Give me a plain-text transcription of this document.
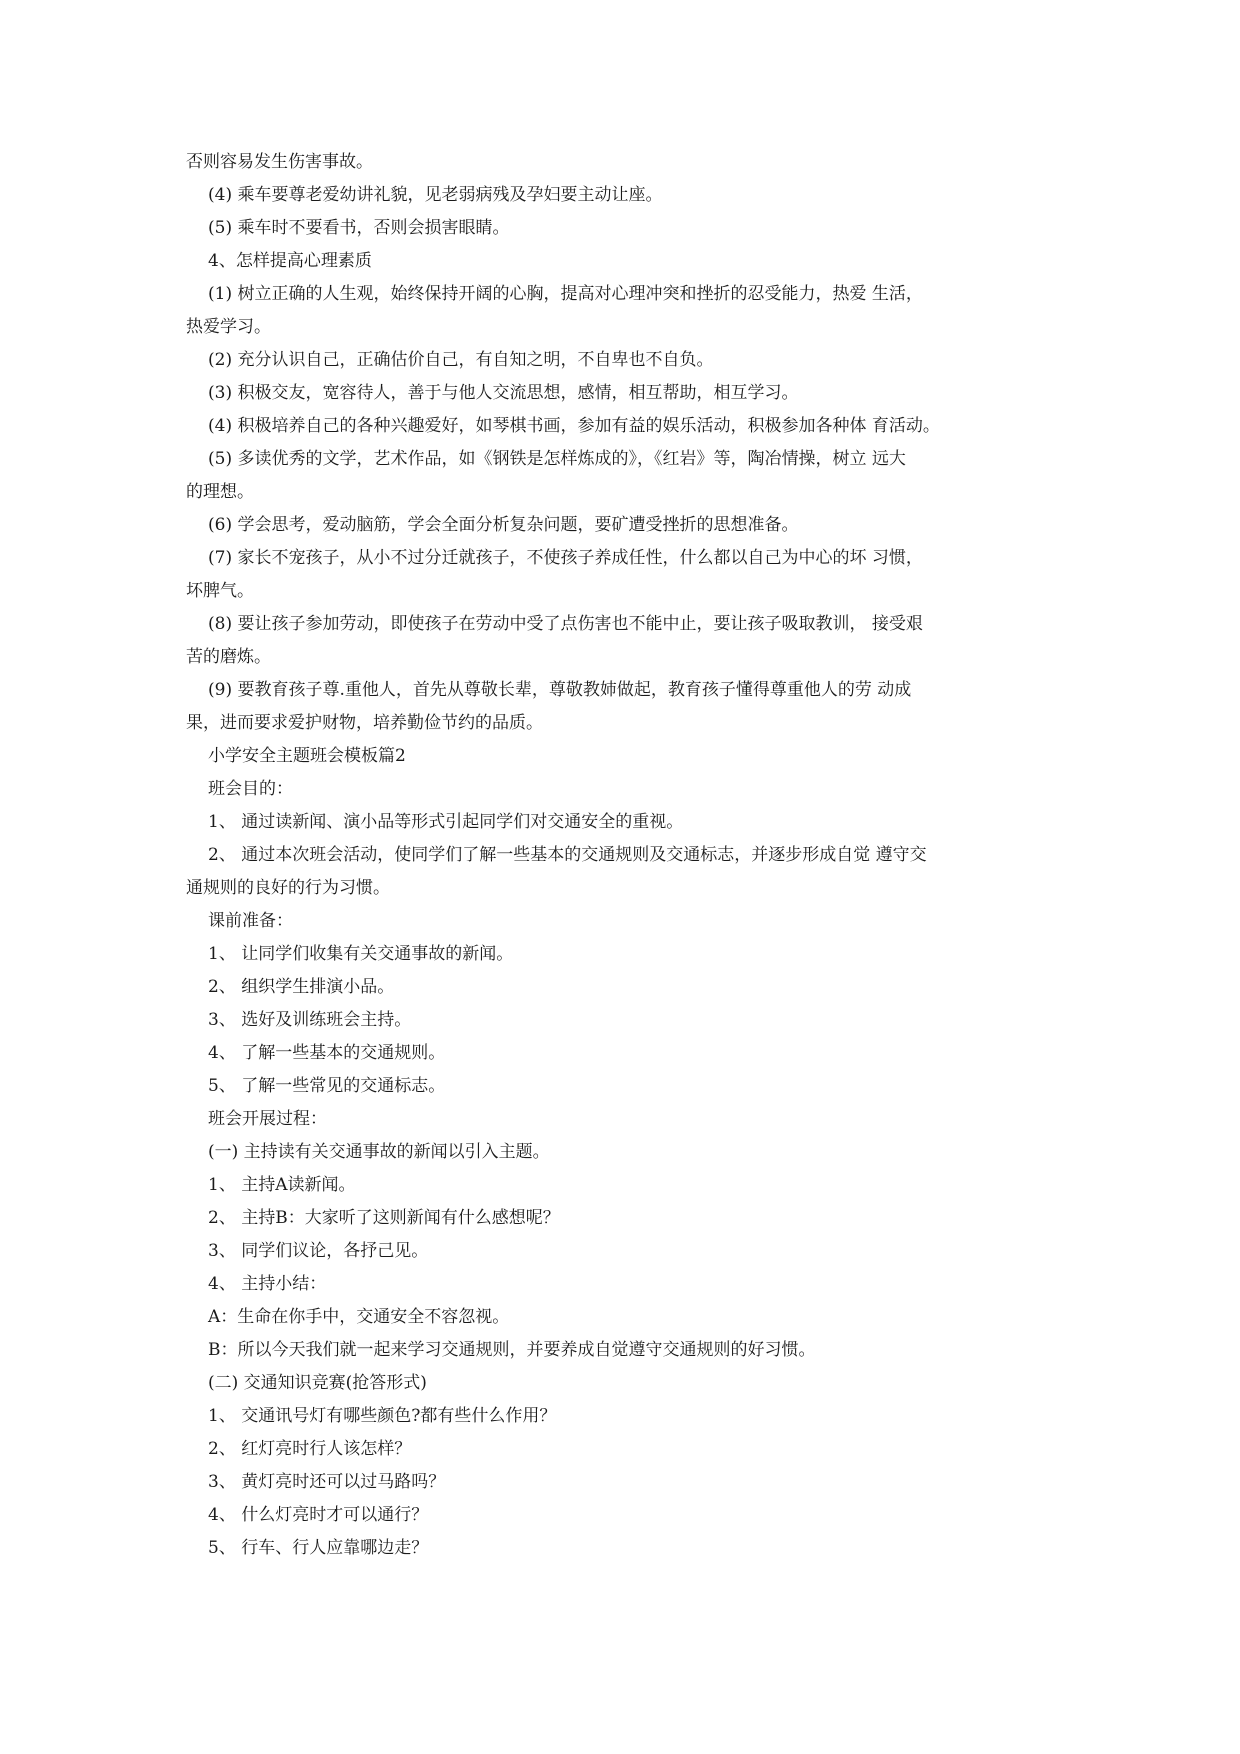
否则容易发生伤害事故。
(4) 乘车要尊老爱幼讲礼貌，见老弱病残及孕妇要主动让座。
(5) 乘车时不要看书，否则会损害眼睛。
4、怎样提高心理素质
(1) 树立正确的人生观，始终保持开阔的心胸，提高对心理冲突和挫折的忍受能力，热爱 生活，
热爱学习。
(2) 充分认识自己，正确估价自己，有自知之明，不自卑也不自负。
(3) 积极交友，宽容待人，善于与他人交流思想，感情，相互帮助，相互学习。
(4) 积极培养自己的各种兴趣爱好，如琴棋书画，参加有益的娱乐活动，积极参加各种体 育活动。
(5) 多读优秀的文学，艺术作品，如《钢铁是怎样炼成的》，《红岩》等，陶冶情操，树立 远大
的理想。
(6) 学会思考，爱动脑筋，学会全面分析复杂问题，要矿遭受挫折的思想准备。
(7) 家长不宠孩子，从小不过分迁就孩子，不使孩子养成任性，什么都以自己为中心的坏 习惯，
坏脾气。
(8) 要让孩子参加劳动，即使孩子在劳动中受了点伤害也不能中止，要让孩子吸取教训， 接受艰
苦的磨炼。
(9) 要教育孩子尊.重他人，首先从尊敬长辈，尊敬教姉做起，教育孩子懂得尊重他人的劳 动成
果，进而要求爱护财物，培养勤俭节约的品质。
小学安全主题班会模板篇2
班会目的：
1、 通过读新闻、演小品等形式引起同学们对交通安全的重视。
2、 通过本次班会活动，使同学们了解一些基本的交通规则及交通标志，并逐步形成自觉 遵守交
通规则的良好的行为习惯。
课前准备：
1、 让同学们收集有关交通事故的新闻。
2、 组织学生排演小品。
3、 选好及训练班会主持。
4、 了解一些基本的交通规则。
5、 了解一些常见的交通标志。
班会开展过程：
(一) 主持读有关交通事故的新闻以引入主题。
1、 主持A读新闻。
2、 主持B：大家听了这则新闻有什么感想呢？
3、 同学们议论，各抒己见。
4、 主持小结：
A：生命在你手中，交通安全不容忽视。
B：所以今天我们就一起来学习交通规则，并要养成自觉遵守交通规则的好习惯。
(二) 交通知识竞赛(抢答形式)
1、 交通讯号灯有哪些颜色?都有些什么作用？
2、 红灯亮时行人该怎样？
3、 黄灯亮时还可以过马路吗？
4、 什么灯亮时才可以通行？
5、 行车、行人应靠哪边走？
